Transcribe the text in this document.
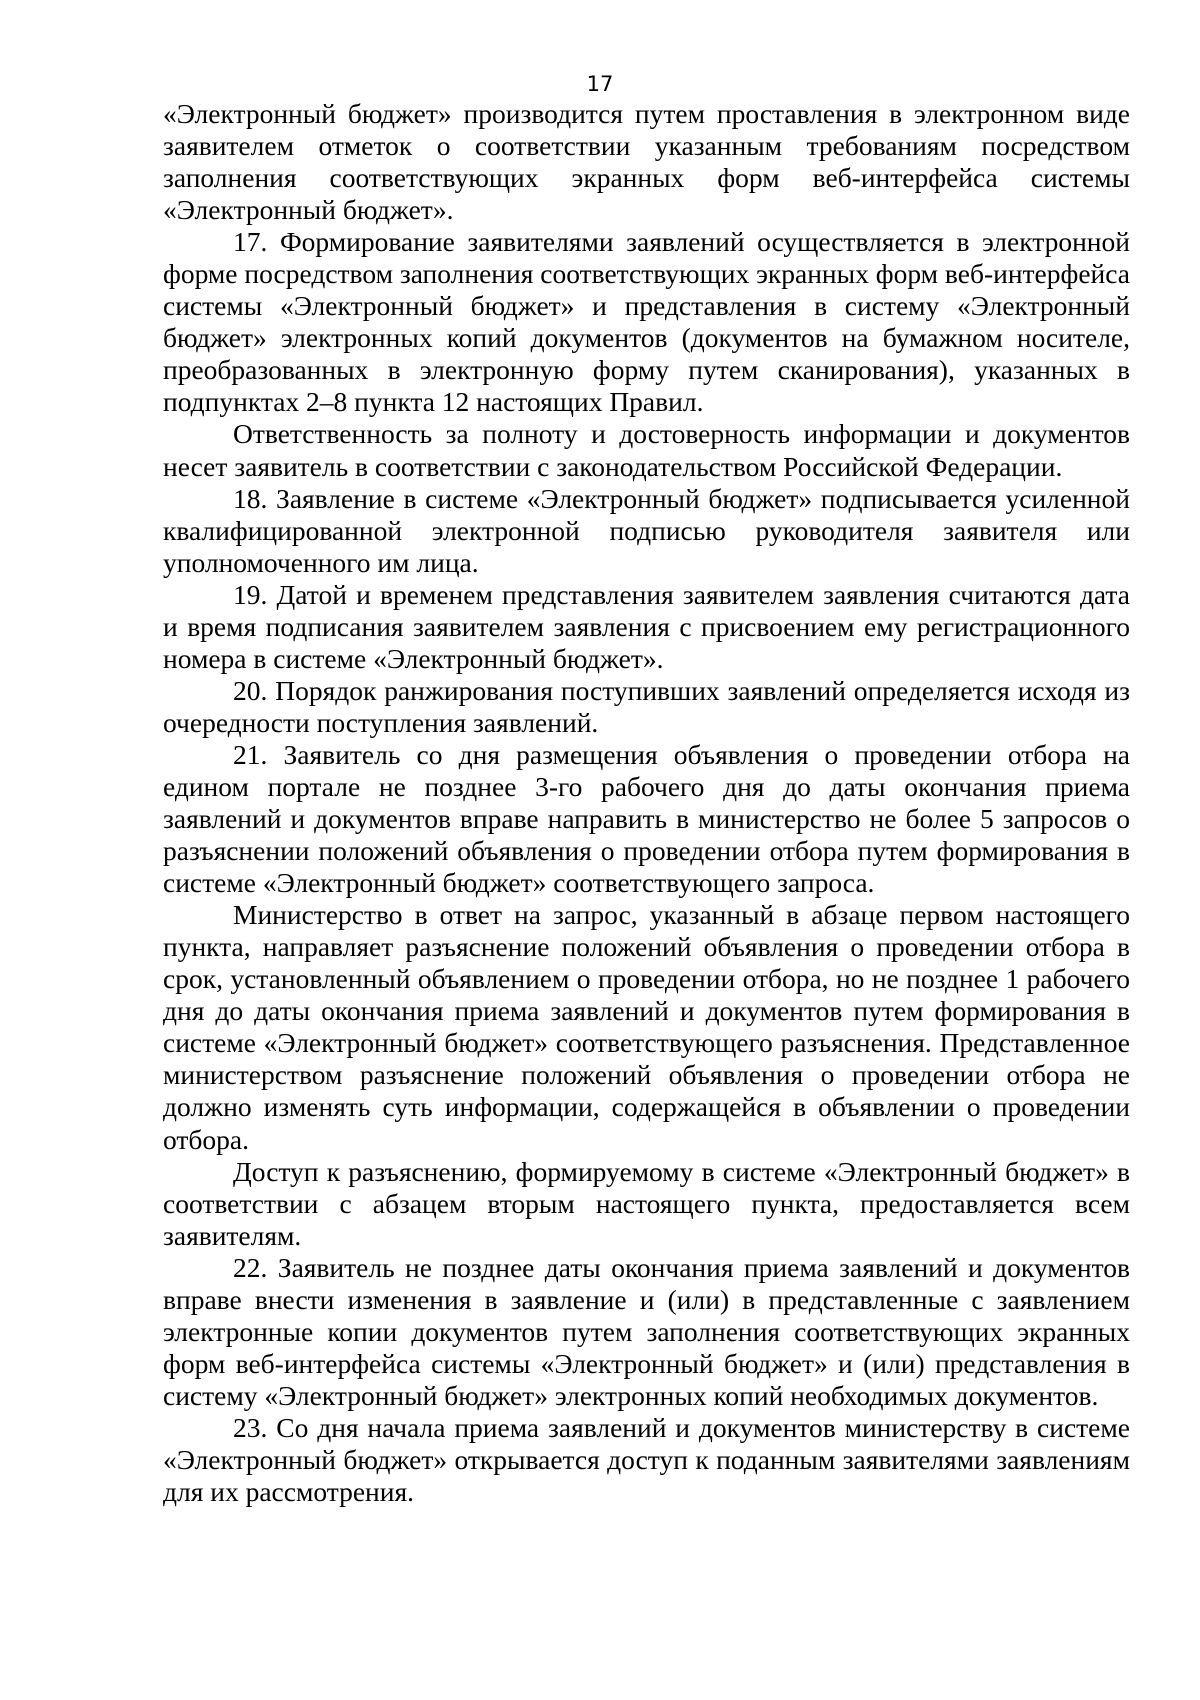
17

«Электронный бюджет» производится путем проставления в электронном виде заявителем отметок о соответствии указанным требованиям посредством заполнения соответствующих экранных форм веб-интерфейса системы «Электронный бюджет».

17. Формирование заявителями заявлений осуществляется в электронной форме посредством заполнения соответствующих экранных форм веб-интерфейса системы «Электронный бюджет» и представления в систему «Электронный бюджет» электронных копий документов (документов на бумажном носителе, преобразованных в электронную форму путем сканирования), указанных в подпунктах 2–8 пункта 12 настоящих Правил.

Ответственность за полноту и достоверность информации и документов несет заявитель в соответствии с законодательством Российской Федерации.

18. Заявление в системе «Электронный бюджет» подписывается усиленной квалифицированной электронной подписью руководителя заявителя или уполномоченного им лица.

19. Датой и временем представления заявителем заявления считаются дата и время подписания заявителем заявления с присвоением ему регистрационного номера в системе «Электронный бюджет».

20. Порядок ранжирования поступивших заявлений определяется исходя из очередности поступления заявлений.

21. Заявитель со дня размещения объявления о проведении отбора на едином портале не позднее 3-го рабочего дня до даты окончания приема заявлений и документов вправе направить в министерство не более 5 запросов о разъяснении положений объявления о проведении отбора путем формирования в системе «Электронный бюджет» соответствующего запроса.

Министерство в ответ на запрос, указанный в абзаце первом настоящего пункта, направляет разъяснение положений объявления о проведении отбора в срок, установленный объявлением о проведении отбора, но не позднее 1 рабочего дня до даты окончания приема заявлений и документов путем формирования в системе «Электронный бюджет» соответствующего разъяснения. Представленное министерством разъяснение положений объявления о проведении отбора не должно изменять суть информации, содержащейся в объявлении о проведении отбора.

Доступ к разъяснению, формируемому в системе «Электронный бюджет» в соответствии с абзацем вторым настоящего пункта, предоставляется всем заявителям.

22. Заявитель не позднее даты окончания приема заявлений и документов вправе внести изменения в заявление и (или) в представленные с заявлением электронные копии документов путем заполнения соответствующих экранных форм веб-интерфейса системы «Электронный бюджет» и (или) представления в систему «Электронный бюджет» электронных копий необходимых документов.

23. Со дня начала приема заявлений и документов министерству в системе «Электронный бюджет» открывается доступ к поданным заявителями заявлениям для их рассмотрения.
